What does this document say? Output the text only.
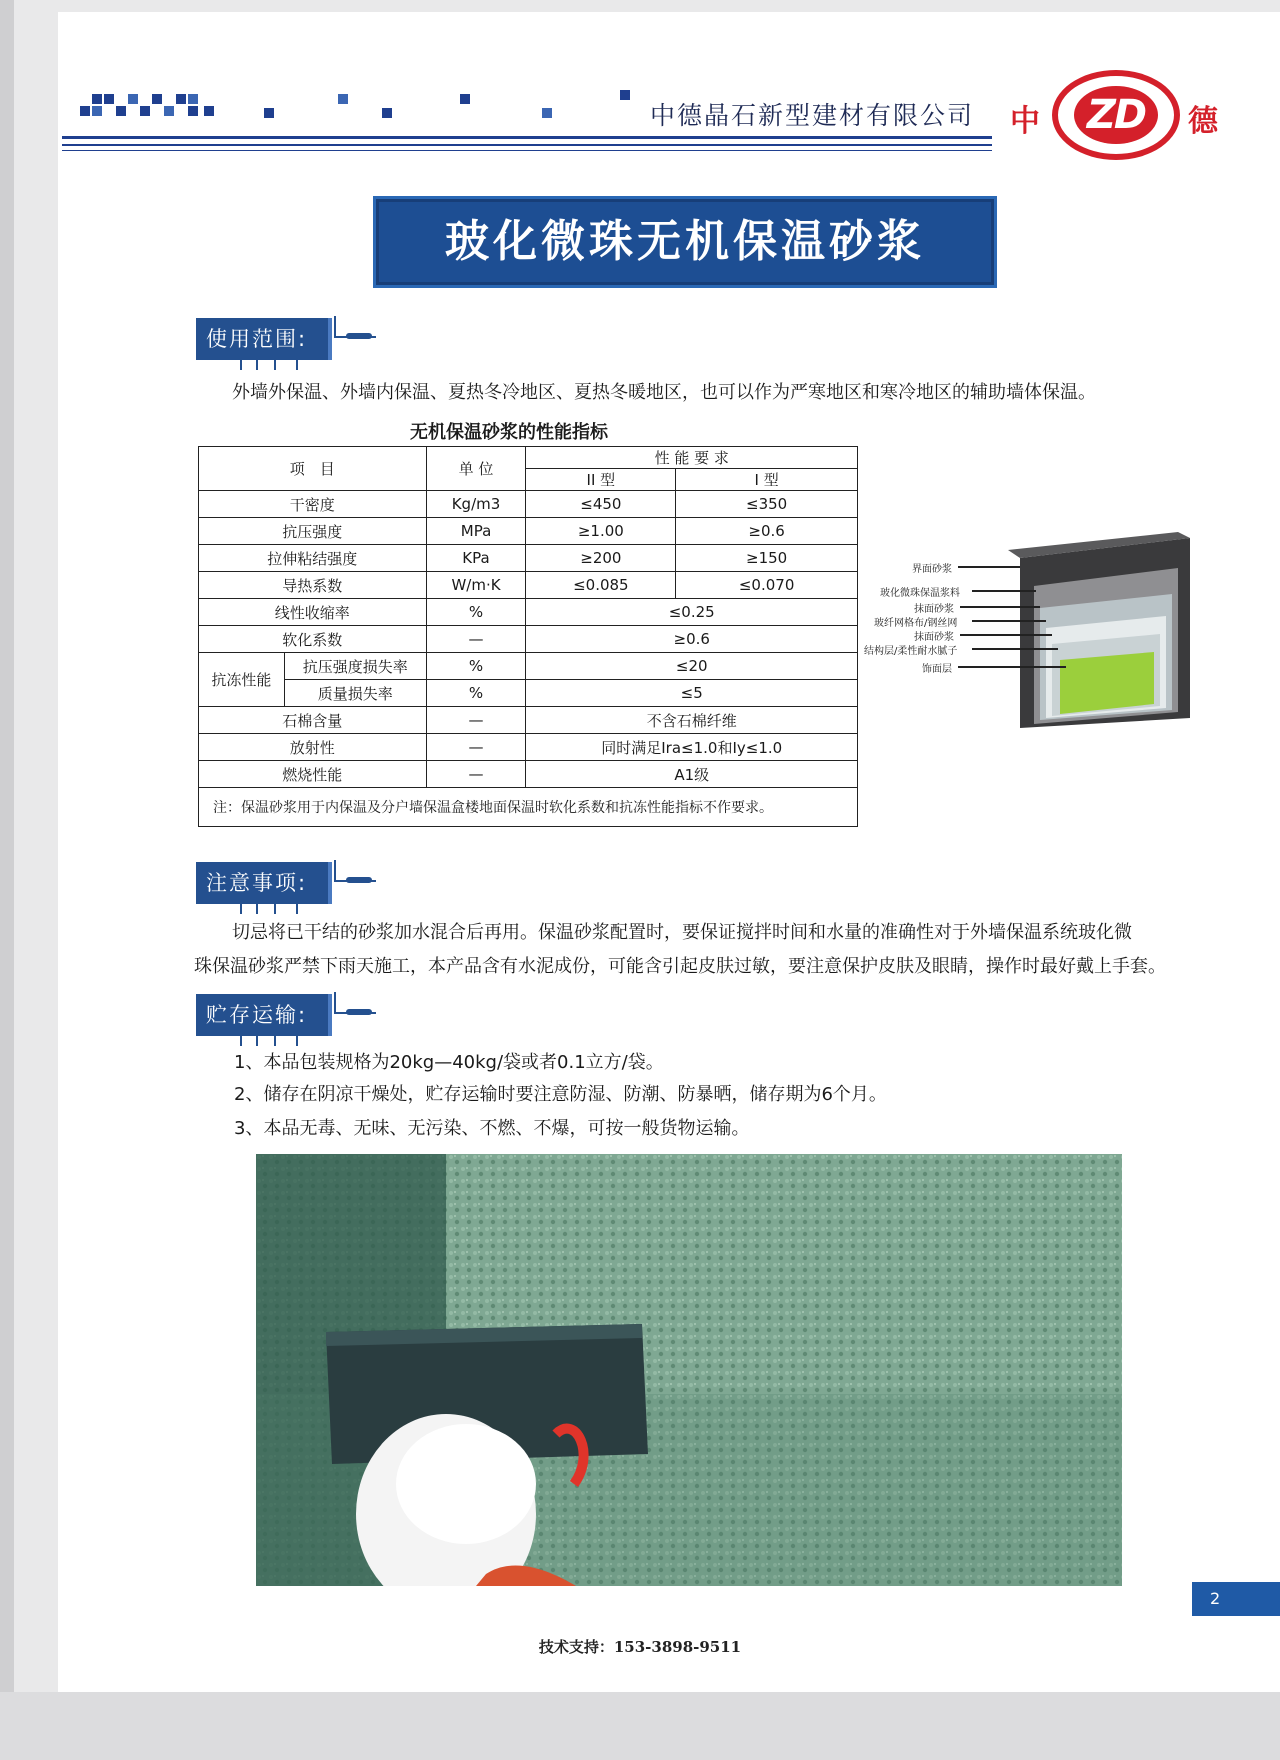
中德晶石新型建材有限公司 中	ZD	德
玻化微珠无机保温砂浆
使用范围:
外墙外保温、外墙内保温、夏热冬冷地区、夏热冬暖地区，也可以作为严寒地区和寒冷地区的辅助墙体保温。
无机保温砂浆的性能指标
项　目		单 位	性 能 要 求	
			II 型	I 型
干密度		Kg/m3	≤450	≤350
抗压强度		MPa	≥1.00	≥0.6
拉伸粘结强度		KPa	≥200	≥150
导热系数		W/m·K	≤0.085	≤0.070
线性收缩率		%	≤0.25	
软化系数		—	≥0.6	
抗冻性能	抗压强度损失率	%	≤20	
	质量损失率	%	≤5	
石棉含量		—	不含石棉纤维	
放射性		—	同时满足Ira≤1.0和Iy≤1.0	
燃烧性能		—	A1级	
注：保温砂浆用于内保温及分户墙保温盒楼地面保温时软化系数和抗冻性能指标不作要求。				
界面砂浆
玻化微珠保温浆料
抹面砂浆
玻纤网格布/钢丝网
抹面砂浆
结构层/柔性耐水腻子
饰面层
注意事项:
切忌将已干结的砂浆加水混合后再用。保温砂浆配置时，要保证搅拌时间和水量的准确性对于外墙保温系统玻化微
珠保温砂浆严禁下雨天施工，本产品含有水泥成份，可能含引起皮肤过敏，要注意保护皮肤及眼睛，操作时最好戴上手套。
贮存运输:
1、本品包装规格为20kg—40kg/袋或者0.1立方/袋。
2、储存在阴凉干燥处，贮存运输时要注意防湿、防潮、防暴晒，储存期为6个月。
3、本品无毒、无味、无污染、不燃、不爆，可按一般货物运输。
2
技术支持：153-3898-9511
